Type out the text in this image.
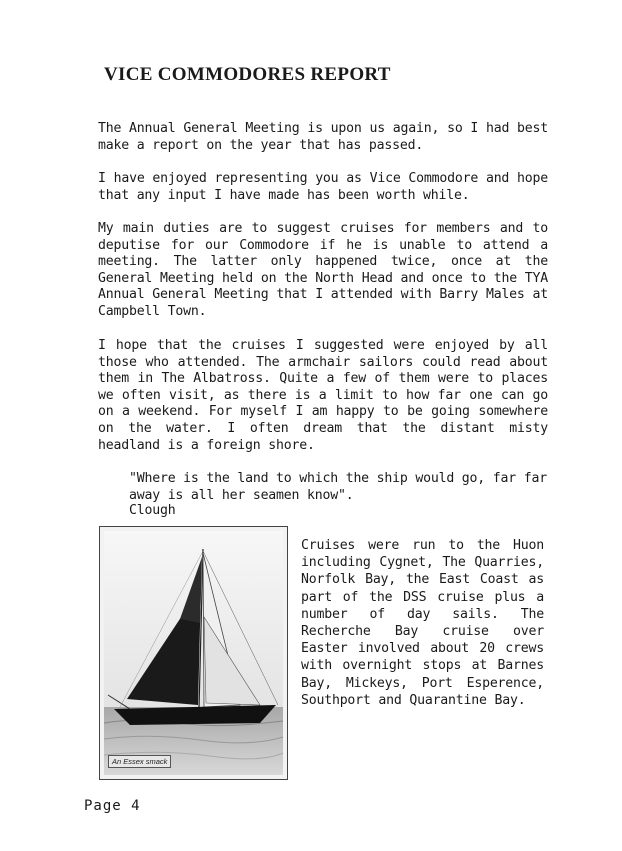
VICE COMMODORES REPORT

The Annual General Meeting is upon us again, so I had best make a report on the year that has passed.

I have enjoyed representing you as Vice Commodore and hope that any input I have made has been worth while.

My main duties are to suggest cruises for members and to deputise for our Commodore if he is unable to attend a meeting. The latter only happened twice, once at the General Meeting held on the North Head and once to the TYA Annual General Meeting that I attended with Barry Males at Campbell Town.

I hope that the cruises I suggested were enjoyed by all those who attended. The armchair sailors could read about them in The Albatross. Quite a few of them were to places we often visit, as there is a limit to how far one can go on a weekend. For myself I am happy to be going somewhere on the water. I often dream that the distant misty headland is a foreign shore.

"Where is the land to which the ship would go, far far away is all her seamen know".

Clough

An Essex smack

Cruises were run to the Huon including Cygnet, The Quarries, Norfolk Bay, the East Coast as part of the DSS cruise plus a number of day sails. The Recherche Bay cruise over Easter involved about 20 crews with overnight stops at Barnes Bay, Mickeys, Port Esperence, Southport and Quarantine Bay.

Page 4
